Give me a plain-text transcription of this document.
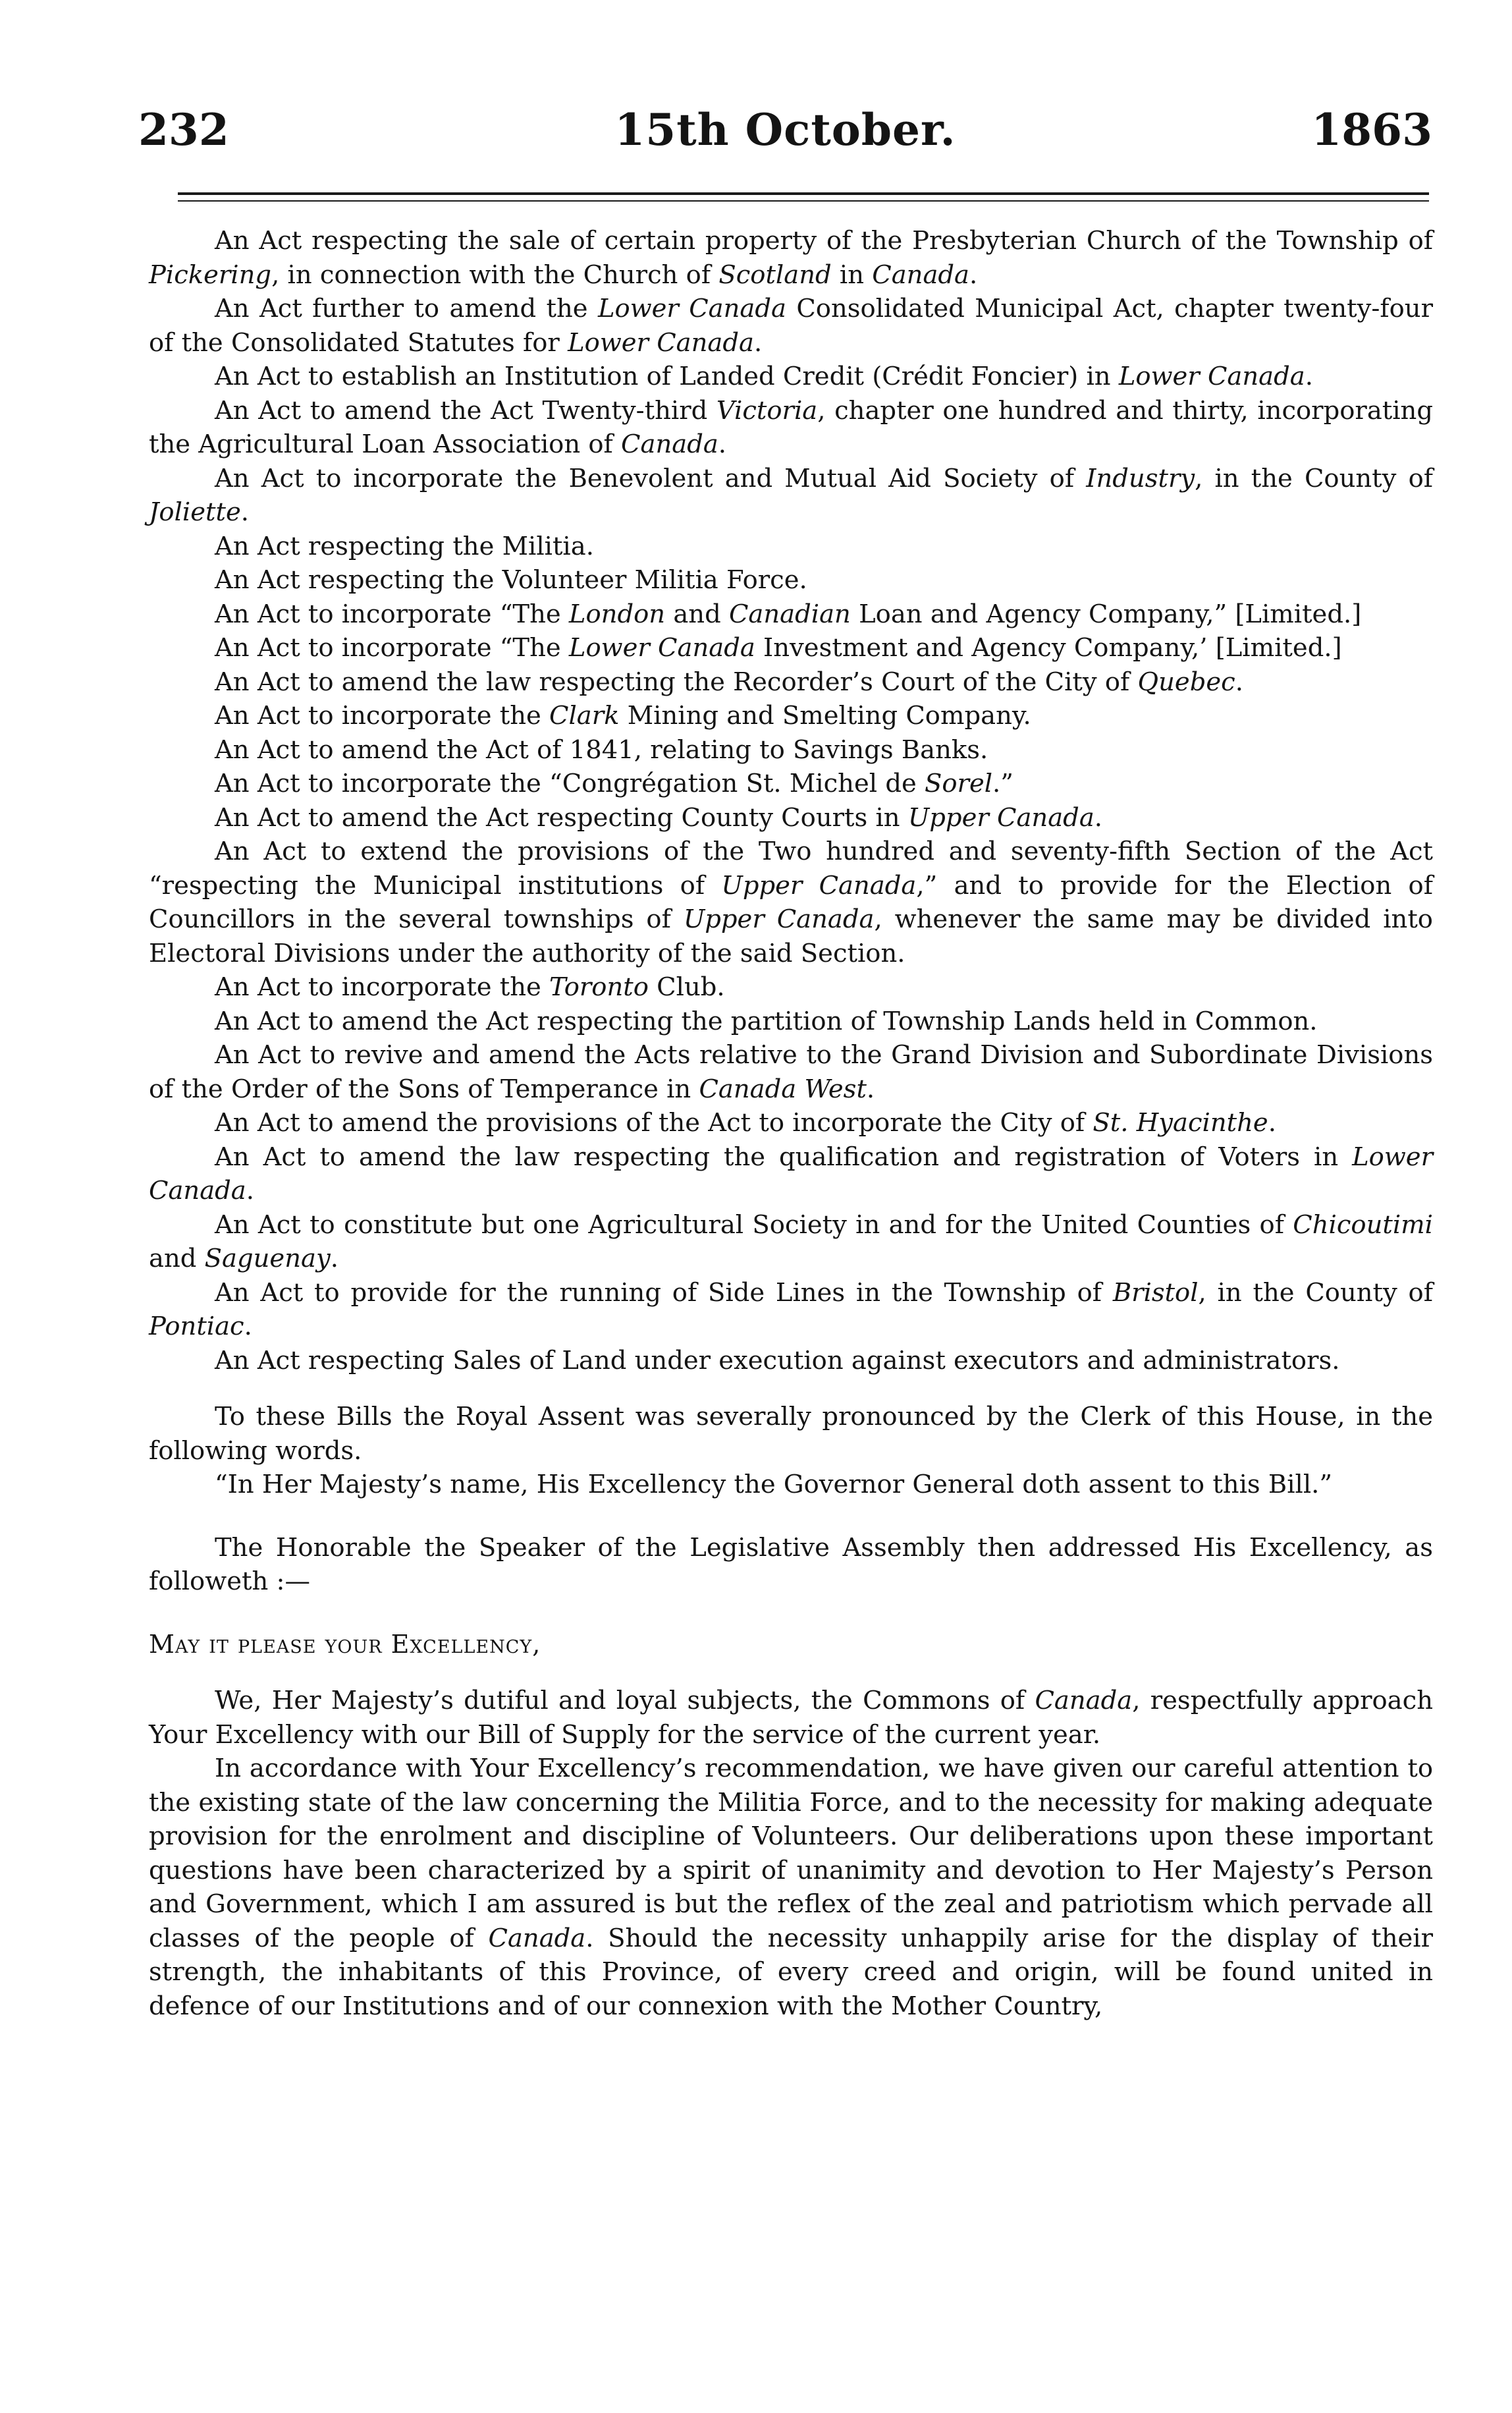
232	15th October.	1863

An Act respecting the sale of certain property of the Presbyterian Church of the Township of Pickering, in connection with the Church of Scotland in Canada.

An Act further to amend the Lower Canada Consolidated Municipal Act, chapter twenty-four of the Consolidated Statutes for Lower Canada.

An Act to establish an Institution of Landed Credit (Crédit Foncier) in Lower Canada.

An Act to amend the Act Twenty-third Victoria, chapter one hundred and thirty, incorporating the Agricultural Loan Association of Canada.

An Act to incorporate the Benevolent and Mutual Aid Society of Industry, in the County of Joliette.

An Act respecting the Militia.

An Act respecting the Volunteer Militia Force.

An Act to incorporate “The London and Canadian Loan and Agency Company,” [Limited.]

An Act to incorporate “The Lower Canada Investment and Agency Company,’ [Limited.]

An Act to amend the law respecting the Recorder’s Court of the City of Quebec.

An Act to incorporate the Clark Mining and Smelting Company.

An Act to amend the Act of 1841, relating to Savings Banks.

An Act to incorporate the “Congrégation St. Michel de Sorel.”

An Act to amend the Act respecting County Courts in Upper Canada.

An Act to extend the provisions of the Two hundred and seventy-fifth Section of the Act “respecting the Municipal institutions of Upper Canada,” and to provide for the Election of Councillors in the several townships of Upper Canada, whenever the same may be divided into Electoral Divisions under the authority of the said Section.

An Act to incorporate the Toronto Club.

An Act to amend the Act respecting the partition of Township Lands held in Common.

An Act to revive and amend the Acts relative to the Grand Division and Subordinate Divisions of the Order of the Sons of Temperance in Canada West.

An Act to amend the provisions of the Act to incorporate the City of St. Hyacinthe.

An Act to amend the law respecting the qualification and registration of Voters in Lower Canada.

An Act to constitute but one Agricultural Society in and for the United Counties of Chicoutimi and Saguenay.

An Act to provide for the running of Side Lines in the Township of Bristol, in the County of Pontiac.

An Act respecting Sales of Land under execution against executors and administrators.

To these Bills the Royal Assent was severally pronounced by the Clerk of this House, in the following words.

“In Her Majesty’s name, His Excellency the Governor General doth assent to this Bill.”

The Honorable the Speaker of the Legislative Assembly then addressed His Excellency, as followeth :—

May it please your Excellency,

We, Her Majesty’s dutiful and loyal subjects, the Commons of Canada, respectfully approach Your Excellency with our Bill of Supply for the service of the current year.

In accordance with Your Excellency’s recommendation, we have given our careful attention to the existing state of the law concerning the Militia Force, and to the necessity for making adequate provision for the enrolment and discipline of Volunteers. Our deliberations upon these important questions have been characterized by a spirit of unanimity and devotion to Her Majesty’s Person and Government, which I am assured is but the reflex of the zeal and patriotism which pervade all classes of the people of Canada. Should the necessity unhappily arise for the display of their strength, the inhabitants of this Province, of every creed and origin, will be found united in defence of our Institutions and of our connexion with the Mother Country,
